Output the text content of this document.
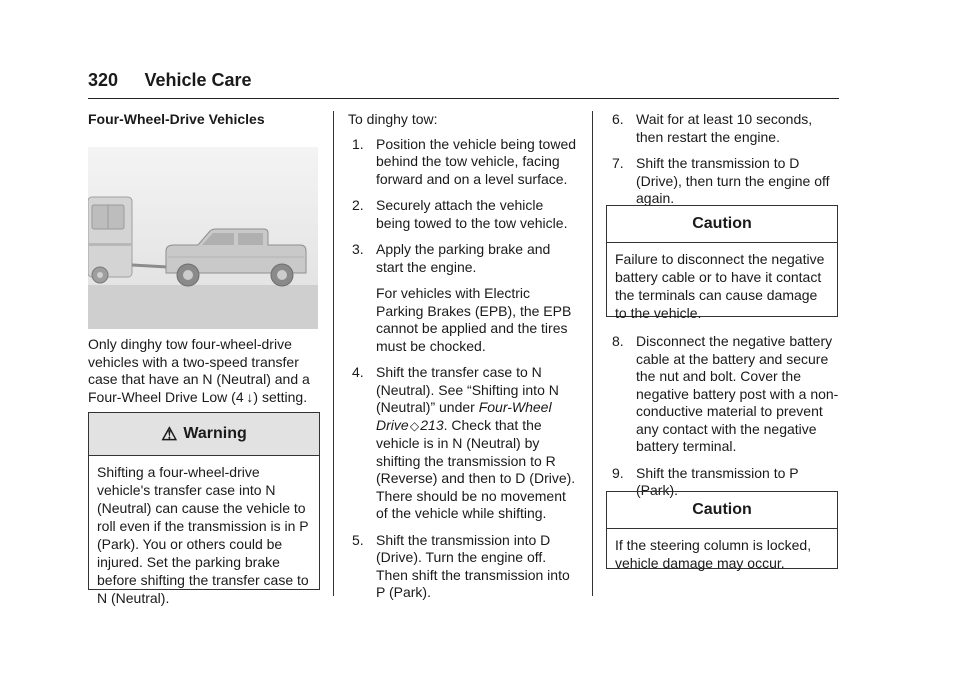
320 Vehicle Care
Four-Wheel-Drive Vehicles

Only dinghy tow four-wheel-drive vehicles with a two-speed transfer case that have an N (Neutral) and a Four-Wheel Drive Low (4  ↓) setting.

⚠ Warning
Shifting a four-wheel-drive vehicle's transfer case into N (Neutral) can cause the vehicle to roll even if the transmission is in P (Park). You or others could be injured. Set the parking brake before shifting the transfer case to N (Neutral).
To dinghy tow:
1. Position the vehicle being towed behind the tow vehicle, facing forward and on a level surface.
2. Securely attach the vehicle being towed to the tow vehicle.
3. Apply the parking brake and start the engine.
For vehicles with Electric Parking Brakes (EPB), the EPB cannot be applied and the tires must be chocked.
4. Shift the transfer case to N (Neutral). See “Shifting into N (Neutral)” under Four-Wheel Drive ◇ 213. Check that the vehicle is in N (Neutral) by shifting the transmission to R (Reverse) and then to D (Drive). There should be no movement of the vehicle while shifting.
5. Shift the transmission into D (Drive). Turn the engine off. Then shift the transmission into P (Park).
6. Wait for at least 10 seconds, then restart the engine.
7. Shift the transmission to D (Drive), then turn the engine off again.
Caution
Failure to disconnect the negative battery cable or to have it contact the terminals can cause damage to the vehicle.
8. Disconnect the negative battery cable at the battery and secure the nut and bolt. Cover the negative battery post with a non-conductive material to prevent any contact with the negative battery terminal.
9. Shift the transmission to P (Park).
Caution
If the steering column is locked, vehicle damage may occur.
